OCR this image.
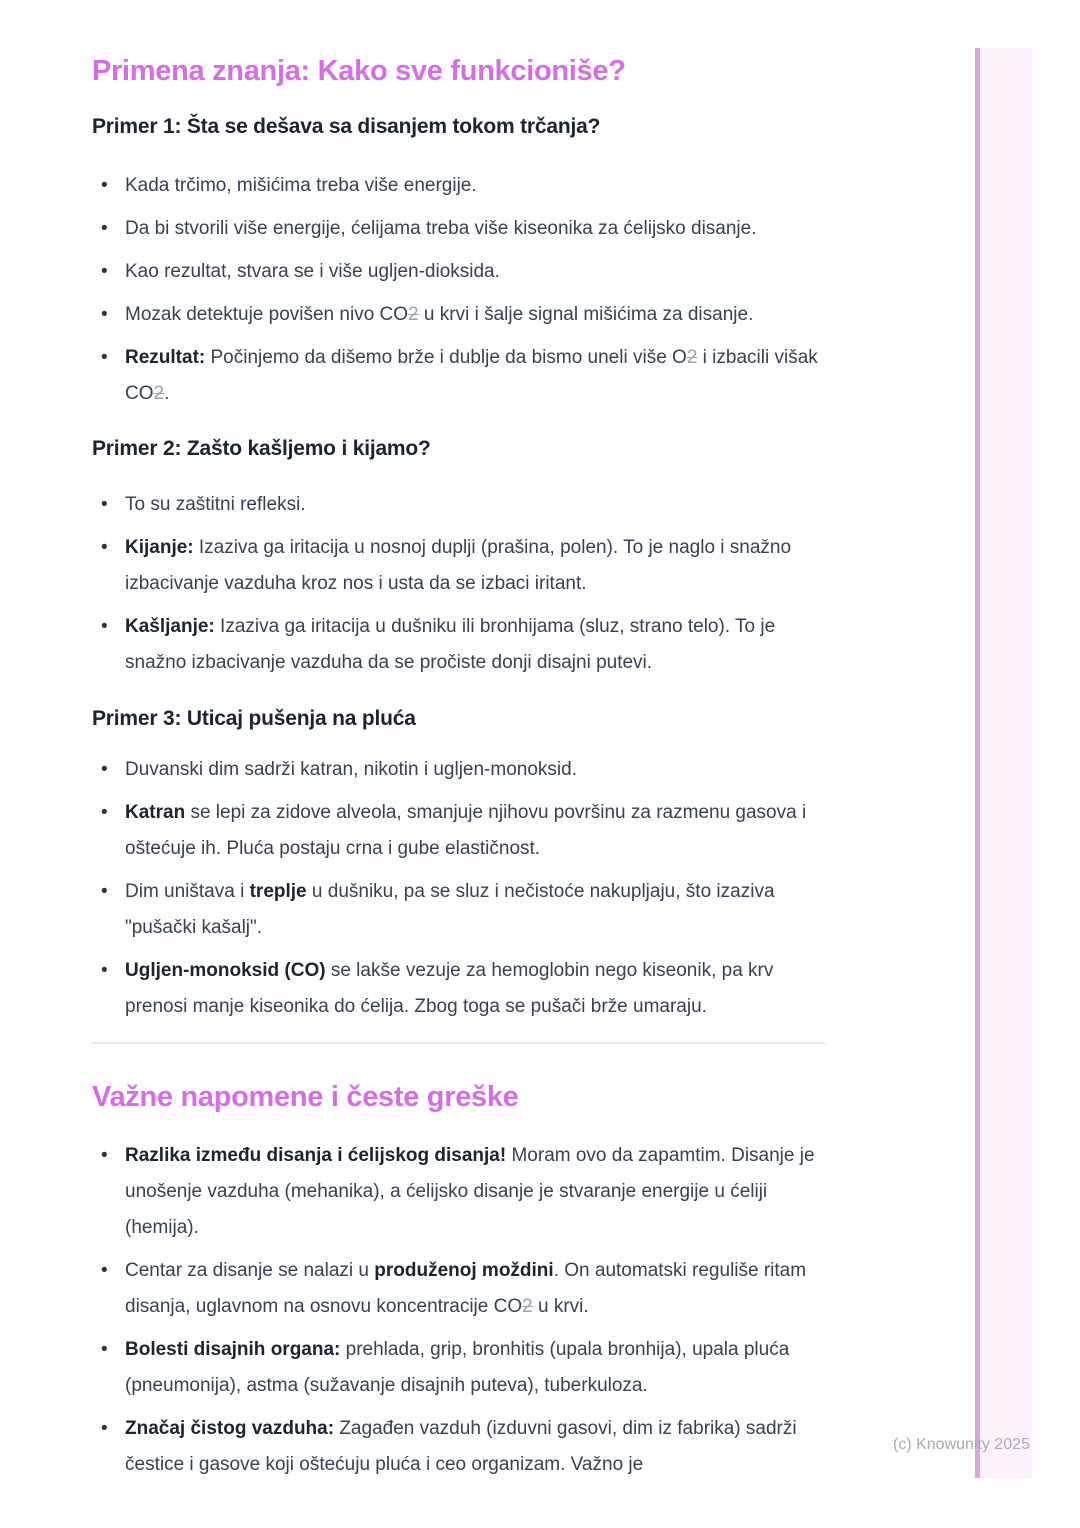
Primena znanja: Kako sve funkcioniše?
Primer 1: Šta se dešava sa disanjem tokom trčanja?
• Kada trčimo, mišićima treba više energije.
• Da bi stvorili više energije, ćelijama treba više kiseonika za ćelijsko disanje.
• Kao rezultat, stvara se i više ugljen-dioksida.
• Mozak detektuje povišen nivo CO2 u krvi i šalje signal mišićima za disanje.
• Rezultat: Počinjemo da dišemo brže i dublje da bismo uneli više O2 i izbacili višak CO2.
Primer 2: Zašto kašljemo i kijamo?
• To su zaštitni refleksi.
• Kijanje: Izaziva ga iritacija u nosnoj duplji (prašina, polen). To je naglo i snažno izbacivanje vazduha kroz nos i usta da se izbaci iritant.
• Kašljanje: Izaziva ga iritacija u dušniku ili bronhijama (sluz, strano telo). To je snažno izbacivanje vazduha da se pročiste donji disajni putevi.
Primer 3: Uticaj pušenja na pluća
• Duvanski dim sadrži katran, nikotin i ugljen-monoksid.
• Katran se lepi za zidove alveola, smanjuje njihovu površinu za razmenu gasova i oštećuje ih. Pluća postaju crna i gube elastičnost.
• Dim uništava i treplje u dušniku, pa se sluz i nečistoće nakupljaju, što izaziva "pušački kašalj".
• Ugljen-monoksid (CO) se lakše vezuje za hemoglobin nego kiseonik, pa krv prenosi manje kiseonika do ćelija. Zbog toga se pušači brže umaraju.
Važne napomene i česte greške
• Razlika između disanja i ćelijskog disanja! Moram ovo da zapamtim. Disanje je unošenje vazduha (mehanika), a ćelijsko disanje je stvaranje energije u ćeliji (hemija).
• Centar za disanje se nalazi u produženoj moždini. On automatski reguliše ritam disanja, uglavnom na osnovu koncentracije CO2 u krvi.
• Bolesti disajnih organa: prehlada, grip, bronhitis (upala bronhija), upala pluća (pneumonija), astma (sužavanje disajnih puteva), tuberkuloza.
• Značaj čistog vazduha: Zagađen vazduh (izduvni gasovi, dim iz fabrika) sadrži čestice i gasove koji oštećuju pluća i ceo organizam. Važno je
(c) Knowunity 2025
